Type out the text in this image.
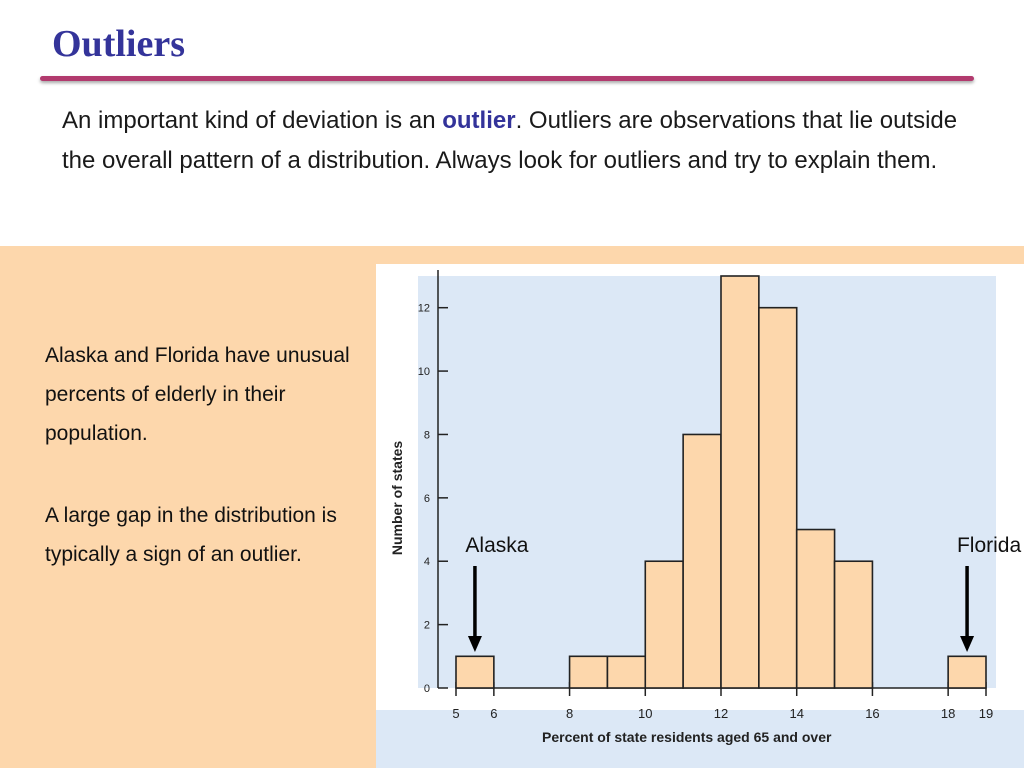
Outliers

An important kind of deviation is an outlier. Outliers are observations that lie outside the overall pattern of a distribution. Always look for outliers and try to explain them.

Alaska and Florida have unusual percents of elderly in their population.

A large gap in the distribution is typically a sign of an outlier.

0
2
4
6
8
10
12
5 6	8	10	12	14	16	18 19
Percent of state residents aged 65 and over
Number of states	Alaska	Florida
